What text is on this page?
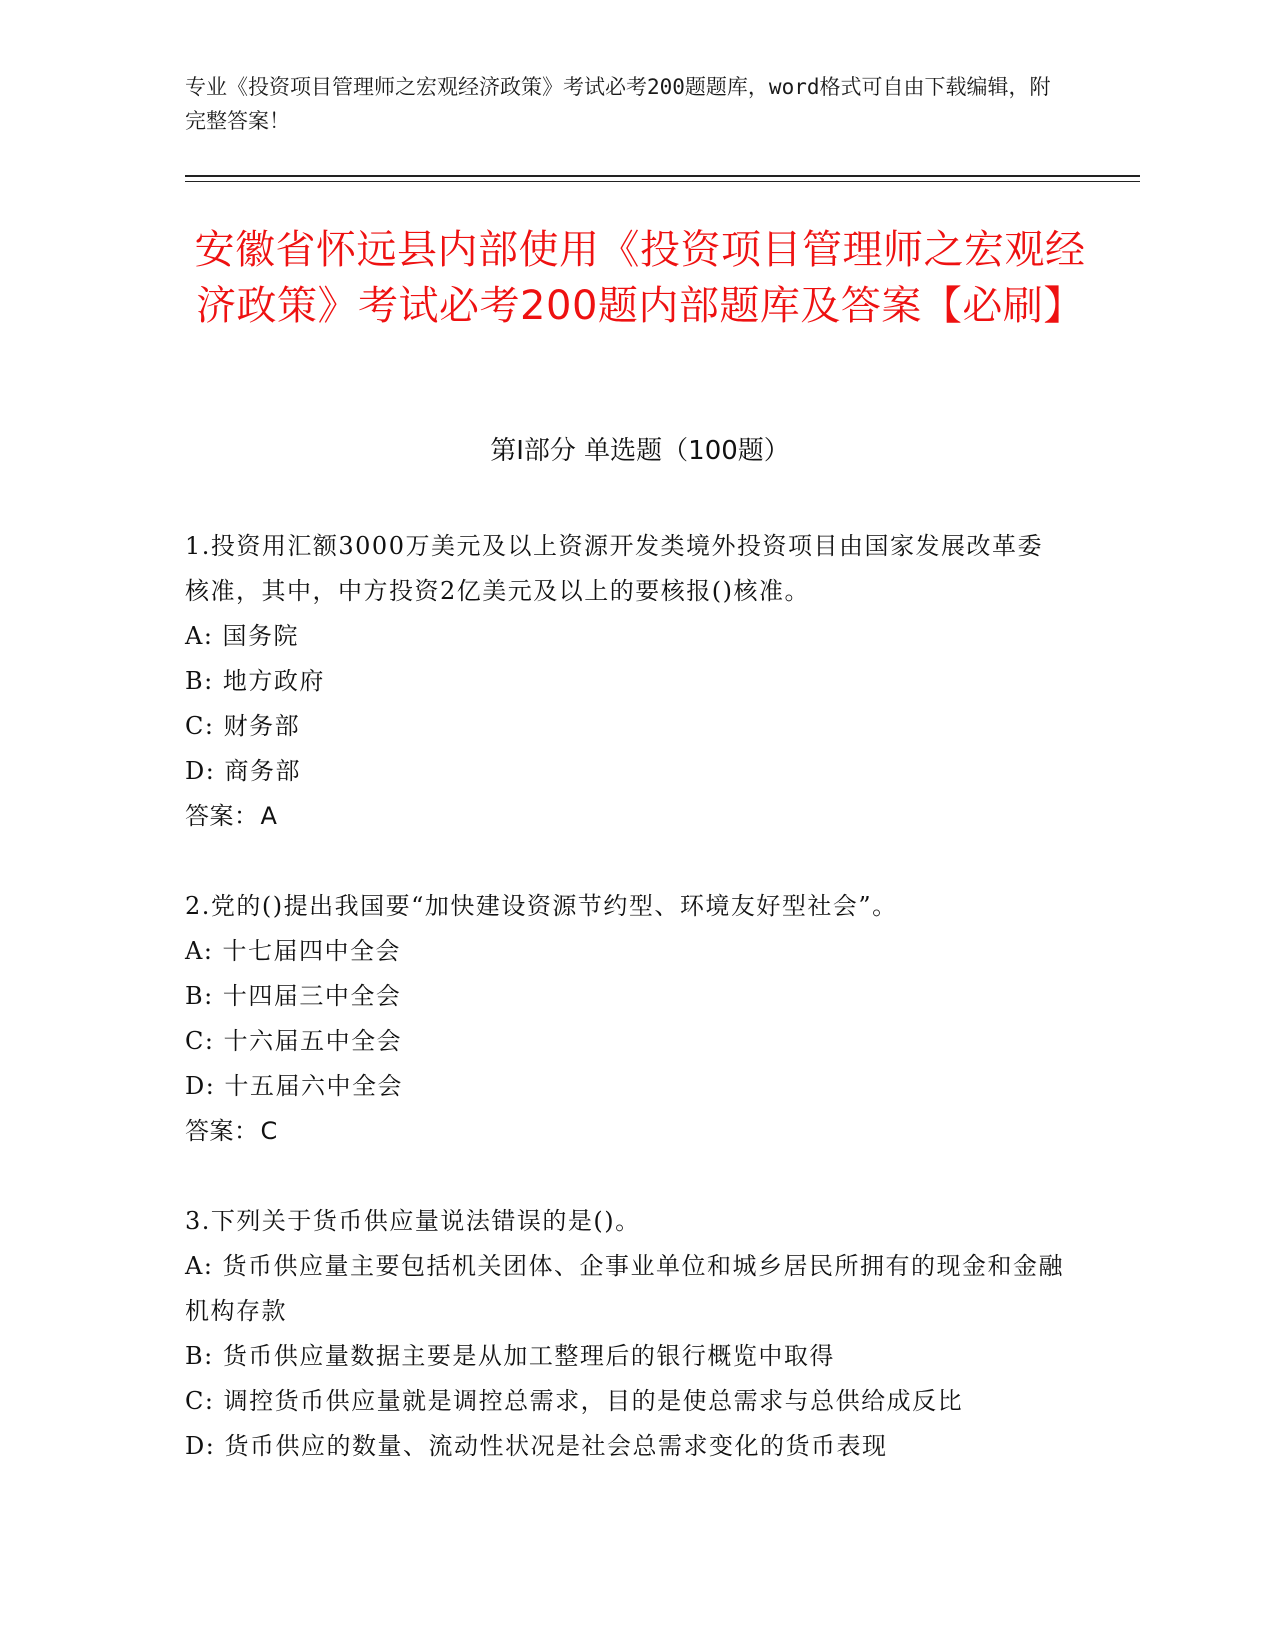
专业《投资项目管理师之宏观经济政策》考试必考200题题库，word格式可自由下载编辑，附完整答案！
安徽省怀远县内部使用《投资项目管理师之宏观经济政策》考试必考200题内部题库及答案【必刷】
第I部分 单选题（100题）

1.投资用汇额3000万美元及以上资源开发类境外投资项目由国家发展改革委核准，其中，中方投资2亿美元及以上的要核报()核准。

A: 国务院

B: 地方政府

C: 财务部

D: 商务部

答案：A

2.党的()提出我国要“加快建设资源节约型、环境友好型社会”。

A: 十七届四中全会

B: 十四届三中全会

C: 十六届五中全会

D: 十五届六中全会

答案：C

3.下列关于货币供应量说法错误的是()。

A: 货币供应量主要包括机关团体、企事业单位和城乡居民所拥有的现金和金融机构存款

B: 货币供应量数据主要是从加工整理后的银行概览中取得

C: 调控货币供应量就是调控总需求，目的是使总需求与总供给成反比

D: 货币供应的数量、流动性状况是社会总需求变化的货币表现
